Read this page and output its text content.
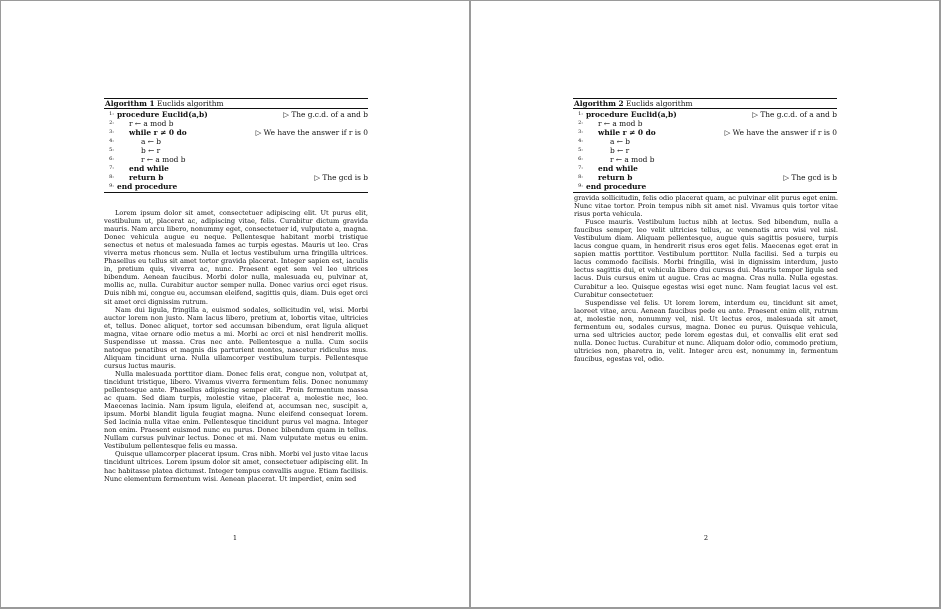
Algorithm 1 Euclids algorithm
1: procedure Euclid(a,b)	▷ The g.c.d. of a and b
2:	r ← a mod b
3:	while r ≠ 0 do	▷ We have the answer if r is 0
4:	a ← b
5:	b ← r
6:	r ← a mod b
7:	end while
8:	return b	▷ The gcd is b
9: end procedure

Lorem ipsum dolor sit amet, consectetuer adipiscing elit. Ut purus elit, vestibulum ut, placerat ac, adipiscing vitae, felis. Curabitur dictum gravida mauris. Nam arcu libero, nonummy eget, consectetuer id, vulputate a, magna. Donec vehicula augue eu neque. Pellentesque habitant morbi tristique senectus et netus et malesuada fames ac turpis egestas. Mauris ut leo. Cras viverra metus rhoncus sem. Nulla et lectus vestibulum urna fringilla ultrices. Phasellus eu tellus sit amet tortor gravida placerat. Integer sapien est, iaculis in, pretium quis, viverra ac, nunc. Praesent eget sem vel leo ultrices bibendum. Aenean faucibus. Morbi dolor nulla, malesuada eu, pulvinar at, mollis ac, nulla. Curabitur auctor semper nulla. Donec varius orci eget risus. Duis nibh mi, congue eu, accumsan eleifend, sagittis quis, diam. Duis eget orci sit amet orci dignissim rutrum.

Nam dui ligula, fringilla a, euismod sodales, sollicitudin vel, wisi. Morbi auctor lorem non justo. Nam lacus libero, pretium at, lobortis vitae, ultricies et, tellus. Donec aliquet, tortor sed accumsan bibendum, erat ligula aliquet magna, vitae ornare odio metus a mi. Morbi ac orci et nisl hendrerit mollis. Suspendisse ut massa. Cras nec ante. Pellentesque a nulla. Cum sociis natoque penatibus et magnis dis parturient montes, nascetur ridiculus mus. Aliquam tincidunt urna. Nulla ullamcorper vestibulum turpis. Pellentesque cursus luctus mauris.

Nulla malesuada porttitor diam. Donec felis erat, congue non, volutpat at, tincidunt tristique, libero. Vivamus viverra fermentum felis. Donec nonummy pellentesque ante. Phasellus adipiscing semper elit. Proin fermentum massa ac quam. Sed diam turpis, molestie vitae, placerat a, molestie nec, leo. Maecenas lacinia. Nam ipsum ligula, eleifend at, accumsan nec, suscipit a, ipsum. Morbi blandit ligula feugiat magna. Nunc eleifend consequat lorem. Sed lacinia nulla vitae enim. Pellentesque tincidunt purus vel magna. Integer non enim. Praesent euismod nunc eu purus. Donec bibendum quam in tellus. Nullam cursus pulvinar lectus. Donec et mi. Nam vulputate metus eu enim. Vestibulum pellentesque felis eu massa.

Quisque ullamcorper placerat ipsum. Cras nibh. Morbi vel justo vitae lacus tincidunt ultrices. Lorem ipsum dolor sit amet, consectetuer adipiscing elit. In hac habitasse platea dictumst. Integer tempus convallis augue. Etiam facilisis. Nunc elementum fermentum wisi. Aenean placerat. Ut imperdiet, enim sed

1
Algorithm 2 Euclids algorithm
1: procedure Euclid(a,b)	▷ The g.c.d. of a and b
2:	r ← a mod b
3:	while r ≠ 0 do	▷ We have the answer if r is 0
4:	a ← b
5:	b ← r
6:	r ← a mod b
7:	end while
8:	return b	▷ The gcd is b
9: end procedure

gravida sollicitudin, felis odio placerat quam, ac pulvinar elit purus eget enim. Nunc vitae tortor. Proin tempus nibh sit amet nisl. Vivamus quis tortor vitae risus porta vehicula.

Fusce mauris. Vestibulum luctus nibh at lectus. Sed bibendum, nulla a faucibus semper, leo velit ultricies tellus, ac venenatis arcu wisi vel nisl. Vestibulum diam. Aliquam pellentesque, augue quis sagittis posuere, turpis lacus congue quam, in hendrerit risus eros eget felis. Maecenas eget erat in sapien mattis porttitor. Vestibulum porttitor. Nulla facilisi. Sed a turpis eu lacus commodo facilisis. Morbi fringilla, wisi in dignissim interdum, justo lectus sagittis dui, et vehicula libero dui cursus dui. Mauris tempor ligula sed lacus. Duis cursus enim ut augue. Cras ac magna. Cras nulla. Nulla egestas. Curabitur a leo. Quisque egestas wisi eget nunc. Nam feugiat lacus vel est. Curabitur consectetuer.

Suspendisse vel felis. Ut lorem lorem, interdum eu, tincidunt sit amet, laoreet vitae, arcu. Aenean faucibus pede eu ante. Praesent enim elit, rutrum at, molestie non, nonummy vel, nisl. Ut lectus eros, malesuada sit amet, fermentum eu, sodales cursus, magna. Donec eu purus. Quisque vehicula, urna sed ultricies auctor, pede lorem egestas dui, et convallis elit erat sed nulla. Donec luctus. Curabitur et nunc. Aliquam dolor odio, commodo pretium, ultricies non, pharetra in, velit. Integer arcu est, nonummy in, fermentum faucibus, egestas vel, odio.

2
